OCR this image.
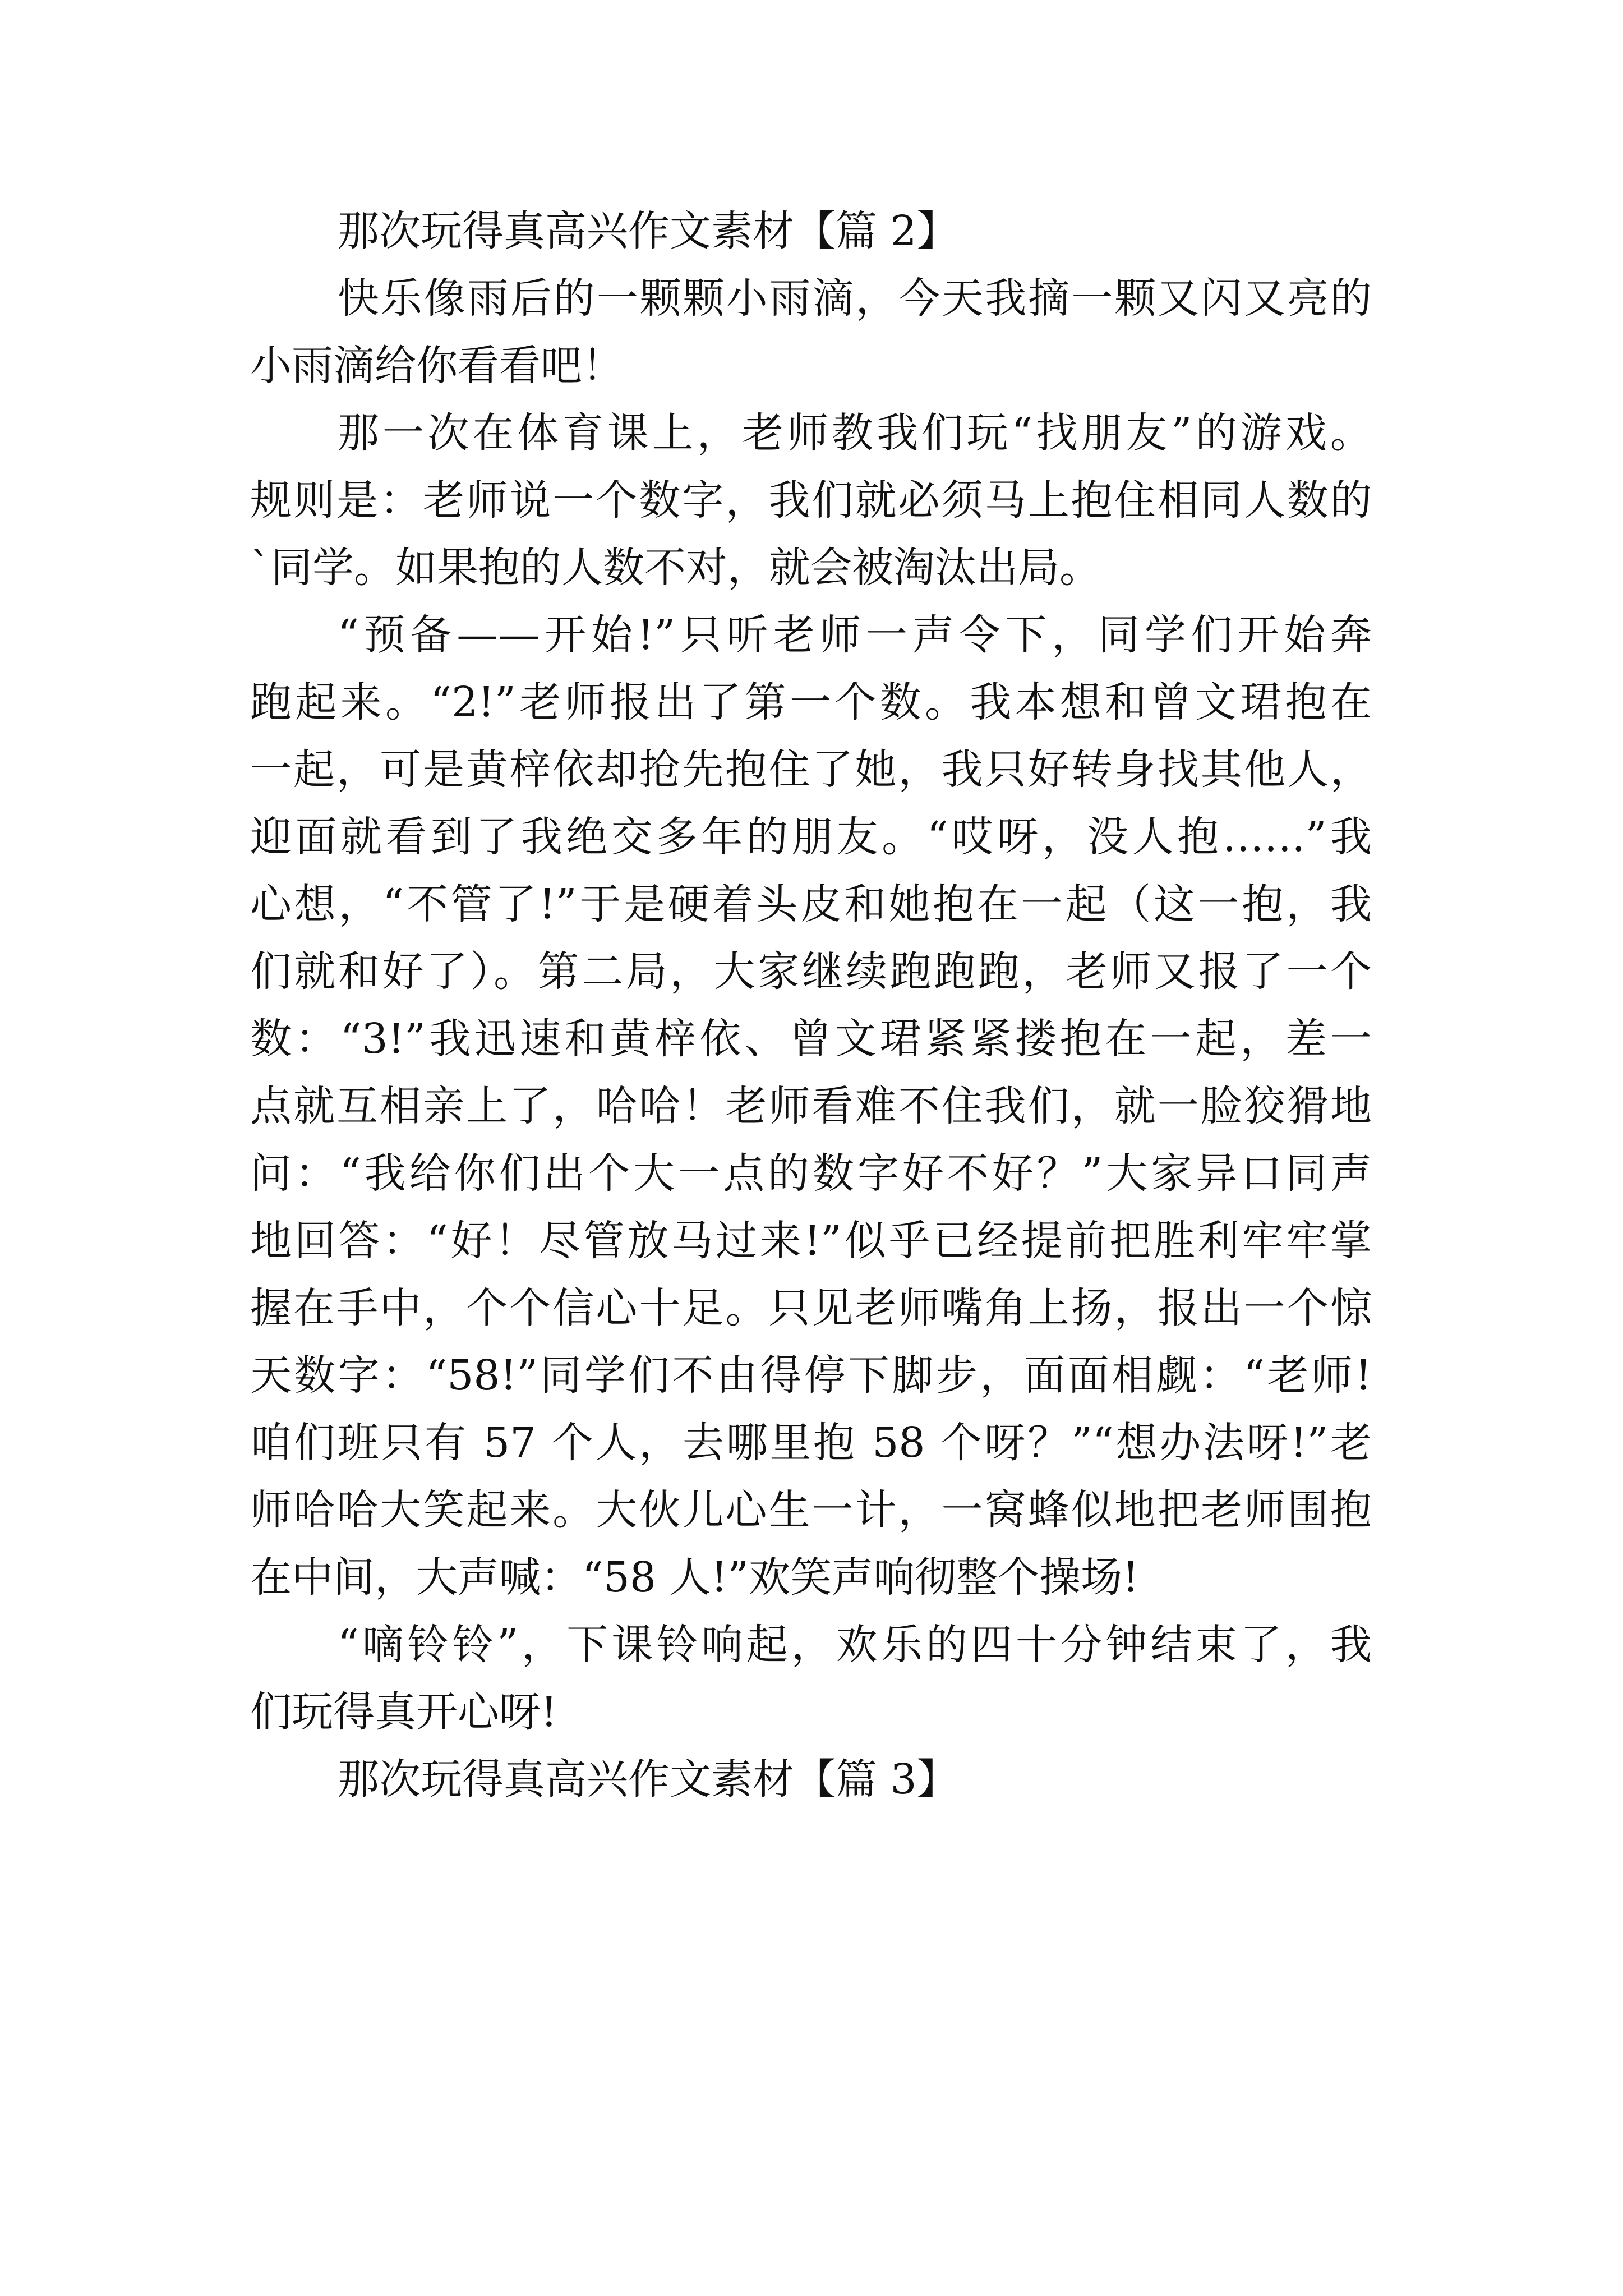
那次玩得真高兴作文素材【篇 2】
快乐像雨后的一颗颗小雨滴，今天我摘一颗又闪又亮的
小雨滴给你看看吧！
那一次在体育课上，老师教我们玩“找朋友”的游戏。
规则是：老师说一个数字，我们就必须马上抱住相同人数的
`同学。如果抱的人数不对，就会被淘汰出局。
“预备——开始!”只听老师一声令下，同学们开始奔
跑起来。“2!”老师报出了第一个数。我本想和曾文珺抱在
一起，可是黄梓依却抢先抱住了她，我只好转身找其他人，
迎面就看到了我绝交多年的朋友。“哎呀，没人抱……”我
心想，“不管了!”于是硬着头皮和她抱在一起（这一抱，我
们就和好了）。第二局，大家继续跑跑跑，老师又报了一个
数：“3!”我迅速和黄梓依、曾文珺紧紧搂抱在一起，差一
点就互相亲上了，哈哈！老师看难不住我们，就一脸狡猾地
问：“我给你们出个大一点的数字好不好？”大家异口同声
地回答：“好！尽管放马过来!”似乎已经提前把胜利牢牢掌
握在手中，个个信心十足。只见老师嘴角上扬，报出一个惊
天数字：“58!”同学们不由得停下脚步，面面相觑：“老师!
咱们班只有 57 个人，去哪里抱 58 个呀？”“想办法呀!”老
师哈哈大笑起来。大伙儿心生一计，一窝蜂似地把老师围抱
在中间，大声喊：“58 人!”欢笑声响彻整个操场!
“嘀铃铃”，下课铃响起，欢乐的四十分钟结束了，我
们玩得真开心呀!
那次玩得真高兴作文素材【篇 3】
